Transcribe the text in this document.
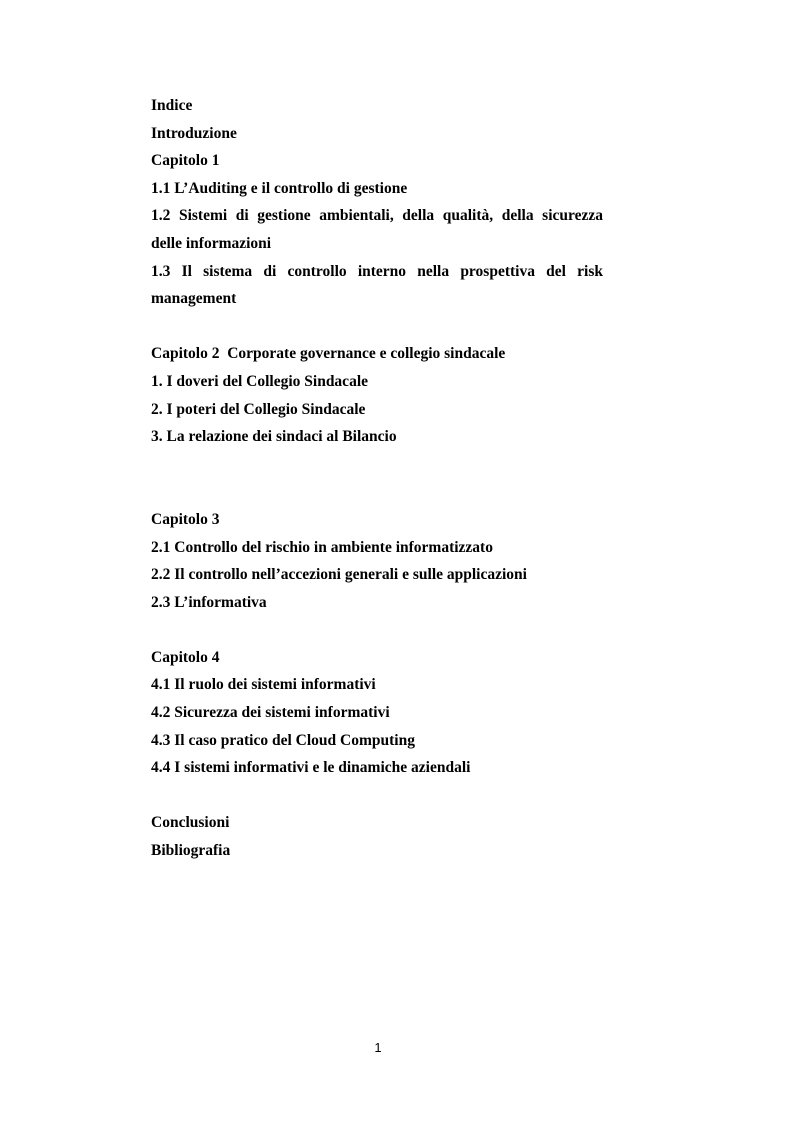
Indice
Introduzione
Capitolo 1
1.1 L’Auditing e il controllo di gestione
1.2 Sistemi di gestione ambientali, della qualità, della sicurezza
delle informazioni
1.3 Il sistema di controllo interno nella prospettiva del risk
management
Capitolo 2  Corporate governance e collegio sindacale
1. I doveri del Collegio Sindacale
2. I poteri del Collegio Sindacale
3. La relazione dei sindaci al Bilancio
Capitolo 3
2.1 Controllo del rischio in ambiente informatizzato
2.2 Il controllo nell’accezioni generali e sulle applicazioni
2.3 L’informativa
Capitolo 4
4.1 Il ruolo dei sistemi informativi
4.2 Sicurezza dei sistemi informativi
4.3 Il caso pratico del Cloud Computing
4.4 I sistemi informativi e le dinamiche aziendali
Conclusioni
Bibliografia
1
